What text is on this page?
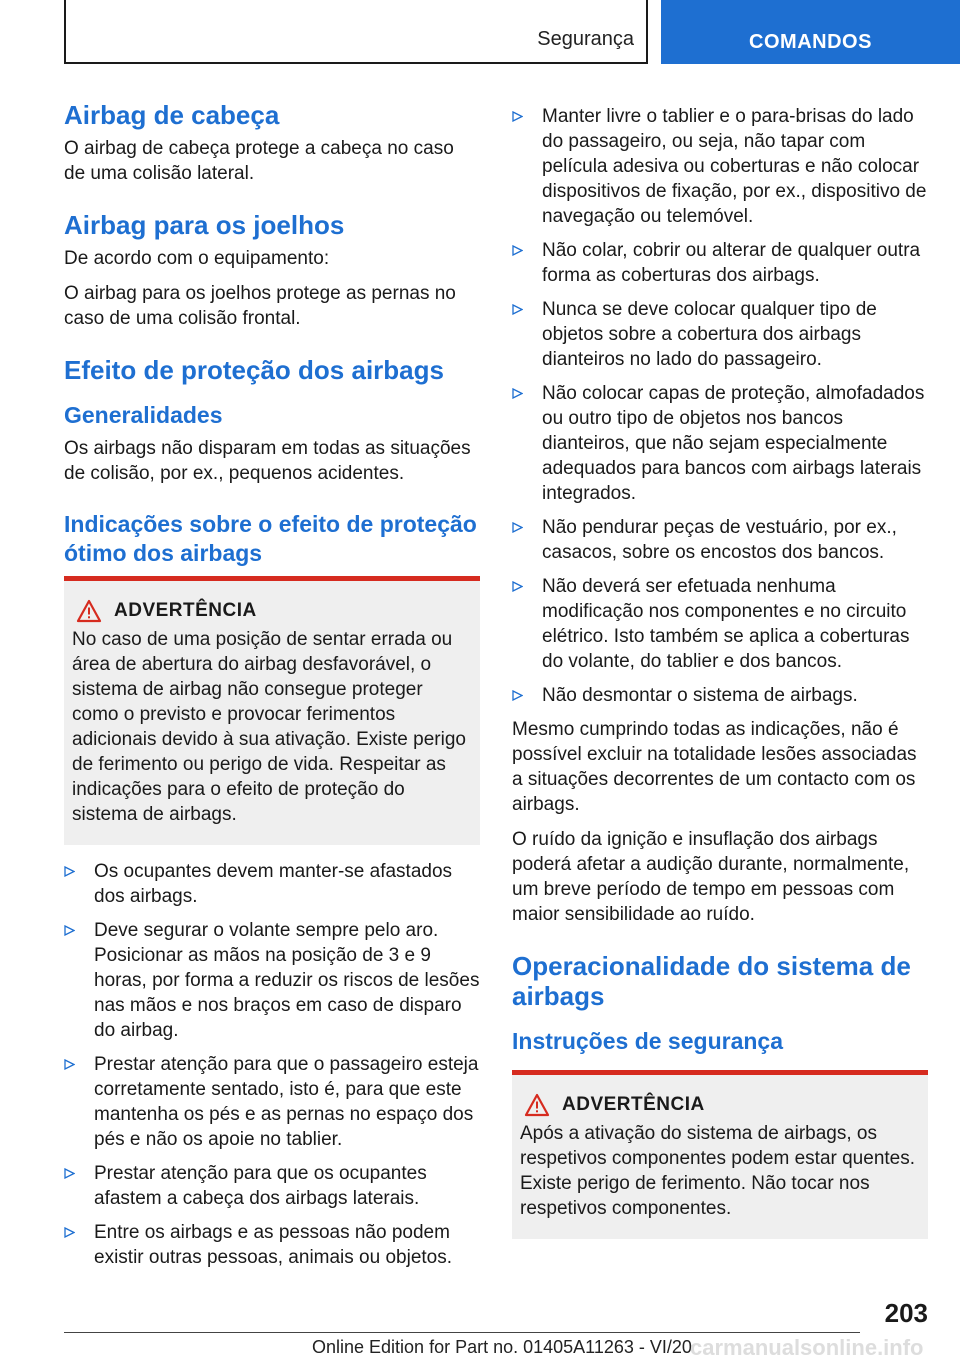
Segurança	COMANDOS
Airbag de cabeça

O airbag de cabeça protege a cabeça no caso de uma colisão lateral.

Airbag para os joelhos

De acordo com o equipamento:

O airbag para os joelhos protege as pernas no caso de uma colisão frontal.

Efeito de proteção dos airbags
Generalidades

Os airbags não disparam em todas as situações de colisão, por ex., pequenos acidentes.

Indicações sobre o efeito de proteção ótimo dos airbags
ADVERTÊNCIA

No caso de uma posição de sentar errada ou área de abertura do airbag desfavorável, o sistema de airbag não consegue proteger como o previsto e provocar ferimentos adicionais devido à sua ativação. Existe perigo de ferimento ou perigo de vida. Respeitar as indicações para o efeito de proteção do sistema de airbags.

Os ocupantes devem manter-se afastados dos airbags.
Deve segurar o volante sempre pelo aro. Posicionar as mãos na posição de 3 e 9 horas, por forma a reduzir os riscos de lesões nas mãos e nos braços em caso de disparo do airbag.
Prestar atenção para que o passageiro esteja corretamente sentado, isto é, para que este mantenha os pés e as pernas no espaço dos pés e não os apoie no tablier.
Prestar atenção para que os ocupantes afastem a cabeça dos airbags laterais.
Entre os airbags e as pessoas não podem existir outras pessoas, animais ou objetos.
Manter livre o tablier e o para-brisas do lado do passageiro, ou seja, não tapar com película adesiva ou coberturas e não colocar dispositivos de fixação, por ex., dispositivo de navegação ou telemóvel.
Não colar, cobrir ou alterar de qualquer outra forma as coberturas dos airbags.
Nunca se deve colocar qualquer tipo de objetos sobre a cobertura dos airbags dianteiros no lado do passageiro.
Não colocar capas de proteção, almofadados ou outro tipo de objetos nos bancos dianteiros, que não sejam especialmente adequados para bancos com airbags laterais integrados.
Não pendurar peças de vestuário, por ex., casacos, sobre os encostos dos bancos.
Não deverá ser efetuada nenhuma modificação nos componentes e no circuito elétrico. Isto também se aplica a coberturas do volante, do tablier e dos bancos.
Não desmontar o sistema de airbags.

Mesmo cumprindo todas as indicações, não é possível excluir na totalidade lesões associadas a situações decorrentes de um contacto com os airbags.

O ruído da ignição e insuflação dos airbags poderá afetar a audição durante, normalmente, um breve período de tempo em pessoas com maior sensibilidade ao ruído.

Operacionalidade do sistema de airbags
Instruções de segurança
ADVERTÊNCIA

Após a ativação do sistema de airbags, os respetivos componentes podem estar quentes. Existe perigo de ferimento. Não tocar nos respetivos componentes.

203
Online Edition for Part no. 01405A11263 - VI/20
carmanualsonline.info
